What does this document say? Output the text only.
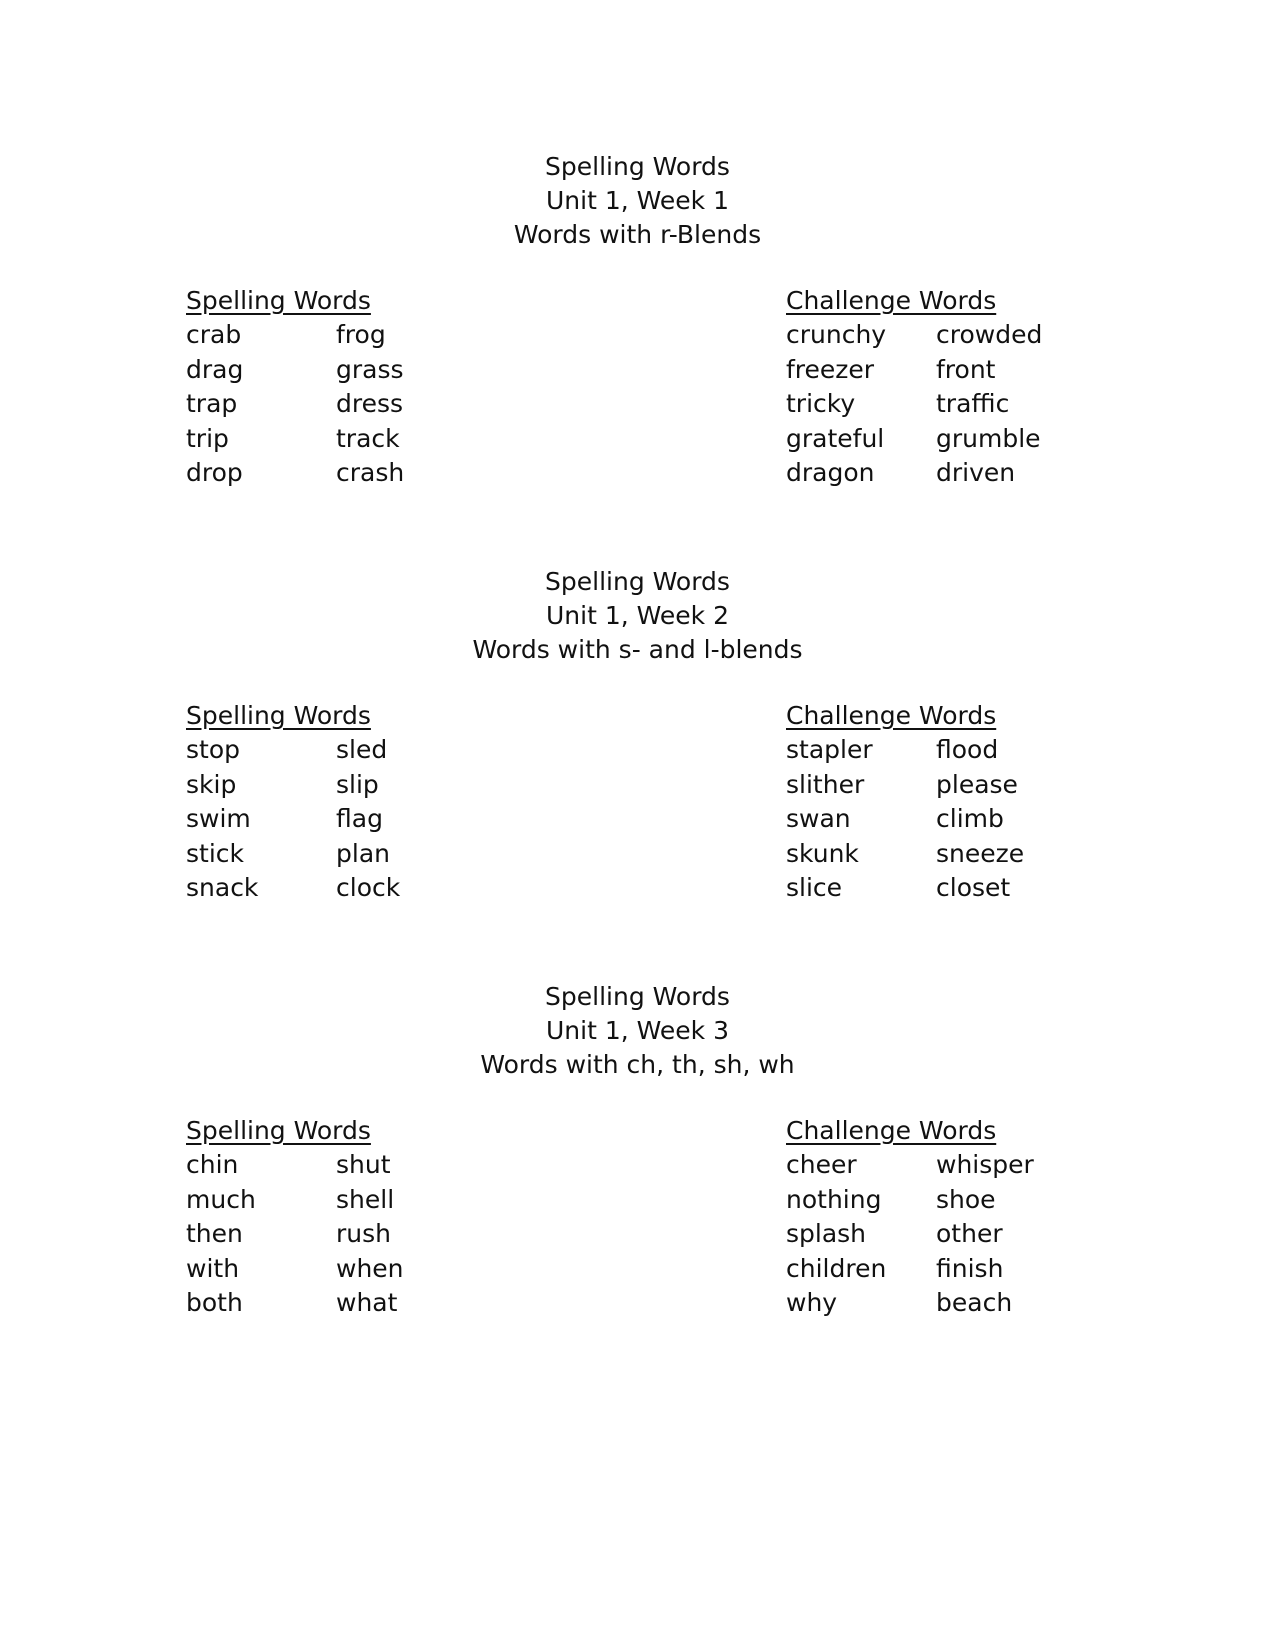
Spelling Words
Unit 1, Week 1
Words with r-Blends
Spelling Words
crab	frog
drag	grass
trap	dress
trip	track
drop	crash
Challenge Words
crunchy crowded
freezer front
tricky	traffic
grateful grumble
dragon driven
Spelling Words
Unit 1, Week 2
Words with s- and l-blends
Spelling Words
stop	sled
skip	slip
swim	flag
stick	plan
snack	clock
Challenge Words
stapler	flood
slither	please
swan	climb
skunk	sneeze
slice	closet
Spelling Words
Unit 1, Week 3
Words with ch, th, sh, wh
Spelling Words
chin	shut
much	shell
then	rush
with	when
both	what
Challenge Words
cheer	whisper
nothing shoe
splash	other
children finish
why	beach
